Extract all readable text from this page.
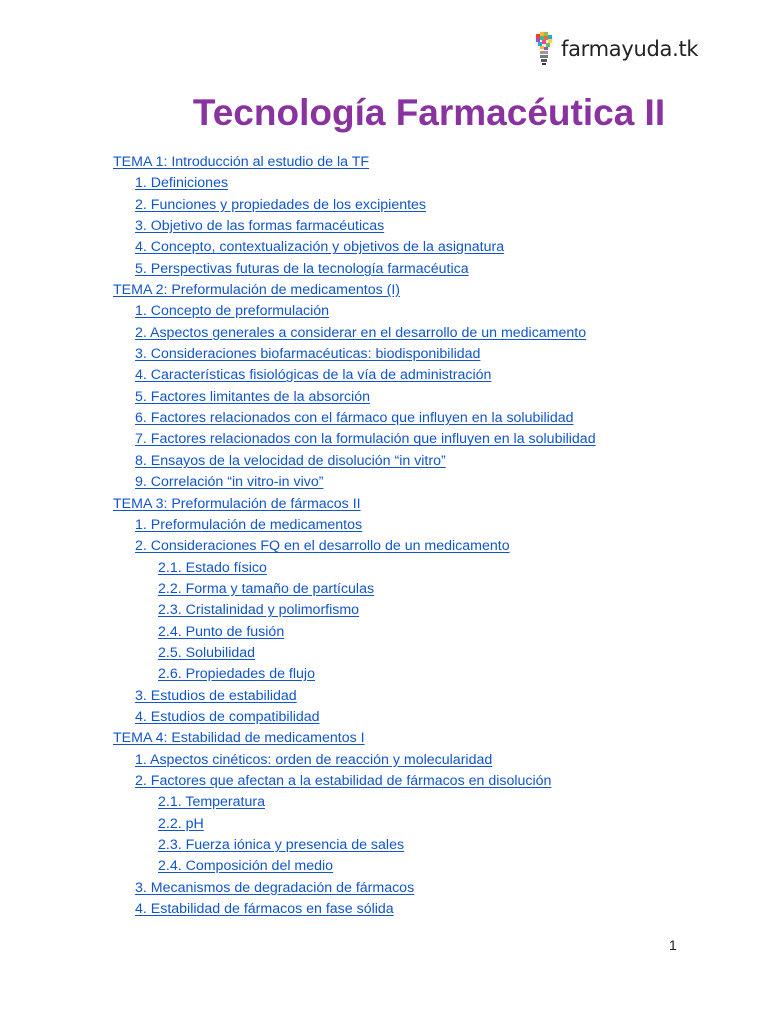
farmayuda.tk
Tecnología Farmacéutica II
TEMA 1: Introducción al estudio de la TF
1. Definiciones
2. Funciones y propiedades de los excipientes
3. Objetivo de las formas farmacéuticas
4. Concepto, contextualización y objetivos de la asignatura
5. Perspectivas futuras de la tecnología farmacéutica
TEMA 2: Preformulación de medicamentos (I)
1. Concepto de preformulación
2. Aspectos generales a considerar en el desarrollo de un medicamento
3. Consideraciones biofarmacéuticas: biodisponibilidad
4. Características fisiológicas de la vía de administración
5. Factores limitantes de la absorción
6. Factores relacionados con el fármaco que influyen en la solubilidad
7. Factores relacionados con la formulación que influyen en la solubilidad
8. Ensayos de la velocidad de disolución “in vitro”
9. Correlación “in vitro-in vivo”
TEMA 3: Preformulación de fármacos II
1. Preformulación de medicamentos
2. Consideraciones FQ en el desarrollo de un medicamento
2.1. Estado físico
2.2. Forma y tamaño de partículas
2.3. Cristalinidad y polimorfismo
2.4. Punto de fusión
2.5. Solubilidad
2.6. Propiedades de flujo
3. Estudios de estabilidad
4. Estudios de compatibilidad
TEMA 4: Estabilidad de medicamentos I
1. Aspectos cinéticos: orden de reacción y molecularidad
2. Factores que afectan a la estabilidad de fármacos en disolución
2.1. Temperatura
2.2. pH
2.3. Fuerza iónica y presencia de sales
2.4. Composición del medio
3. Mecanismos de degradación de fármacos
4. Estabilidad de fármacos en fase sólida
1
